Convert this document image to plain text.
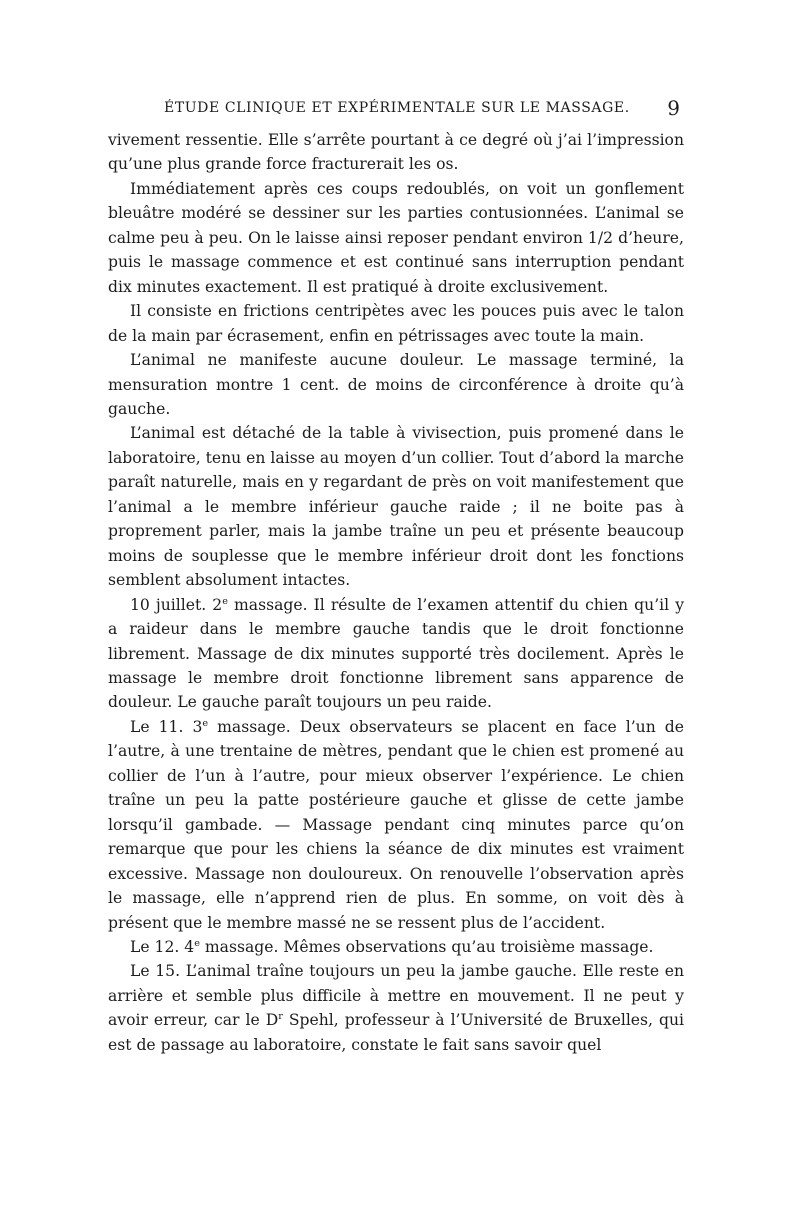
ÉTUDE CLINIQUE ET EXPÉRIMENTALE SUR LE MASSAGE. 9

vivement ressentie. Elle s’arrête pourtant à ce degré où j’ai l’impression qu’une plus grande force fracturerait les os.

Immédiatement après ces coups redoublés, on voit un gonflement bleuâtre modéré se dessiner sur les parties contusionnées. L’animal se calme peu à peu. On le laisse ainsi reposer pendant environ 1/2 d’heure, puis le massage commence et est continué sans interruption pendant dix minutes exactement. Il est pratiqué à droite exclusivement.

Il consiste en frictions centripètes avec les pouces puis avec le talon de la main par écrasement, enfin en pétrissages avec toute la main.

L’animal ne manifeste aucune douleur. Le massage terminé, la mensuration montre 1 cent. de moins de circonférence à droite qu’à gauche.

L’animal est détaché de la table à vivisection, puis promené dans le laboratoire, tenu en laisse au moyen d’un collier. Tout d’abord la marche paraît naturelle, mais en y regardant de près on voit manifestement que l’animal a le membre inférieur gauche raide ; il ne boite pas à proprement parler, mais la jambe traîne un peu et présente beaucoup moins de souplesse que le membre inférieur droit dont les fonctions semblent absolument intactes.

10 juillet. 2e massage. Il résulte de l’examen attentif du chien qu’il y a raideur dans le membre gauche tandis que le droit fonctionne librement. Massage de dix minutes supporté très docilement. Après le massage le membre droit fonctionne librement sans apparence de douleur. Le gauche paraît toujours un peu raide.

Le 11. 3e massage. Deux observateurs se placent en face l’un de l’autre, à une trentaine de mètres, pendant que le chien est promené au collier de l’un à l’autre, pour mieux observer l’expérience. Le chien traîne un peu la patte postérieure gauche et glisse de cette jambe lorsqu’il gambade. — Massage pendant cinq minutes parce qu’on remarque que pour les chiens la séance de dix minutes est vraiment excessive. Massage non douloureux. On renouvelle l’observation après le massage, elle n’apprend rien de plus. En somme, on voit dès à présent que le membre massé ne se ressent plus de l’accident.

Le 12. 4e massage. Mêmes observations qu’au troisième massage.

Le 15. L’animal traîne toujours un peu la jambe gauche. Elle reste en arrière et semble plus difficile à mettre en mouvement. Il ne peut y avoir erreur, car le $D^r$ Spehl, professeur à l’Université de Bruxelles, qui est de passage au laboratoire, constate le fait sans savoir quel
